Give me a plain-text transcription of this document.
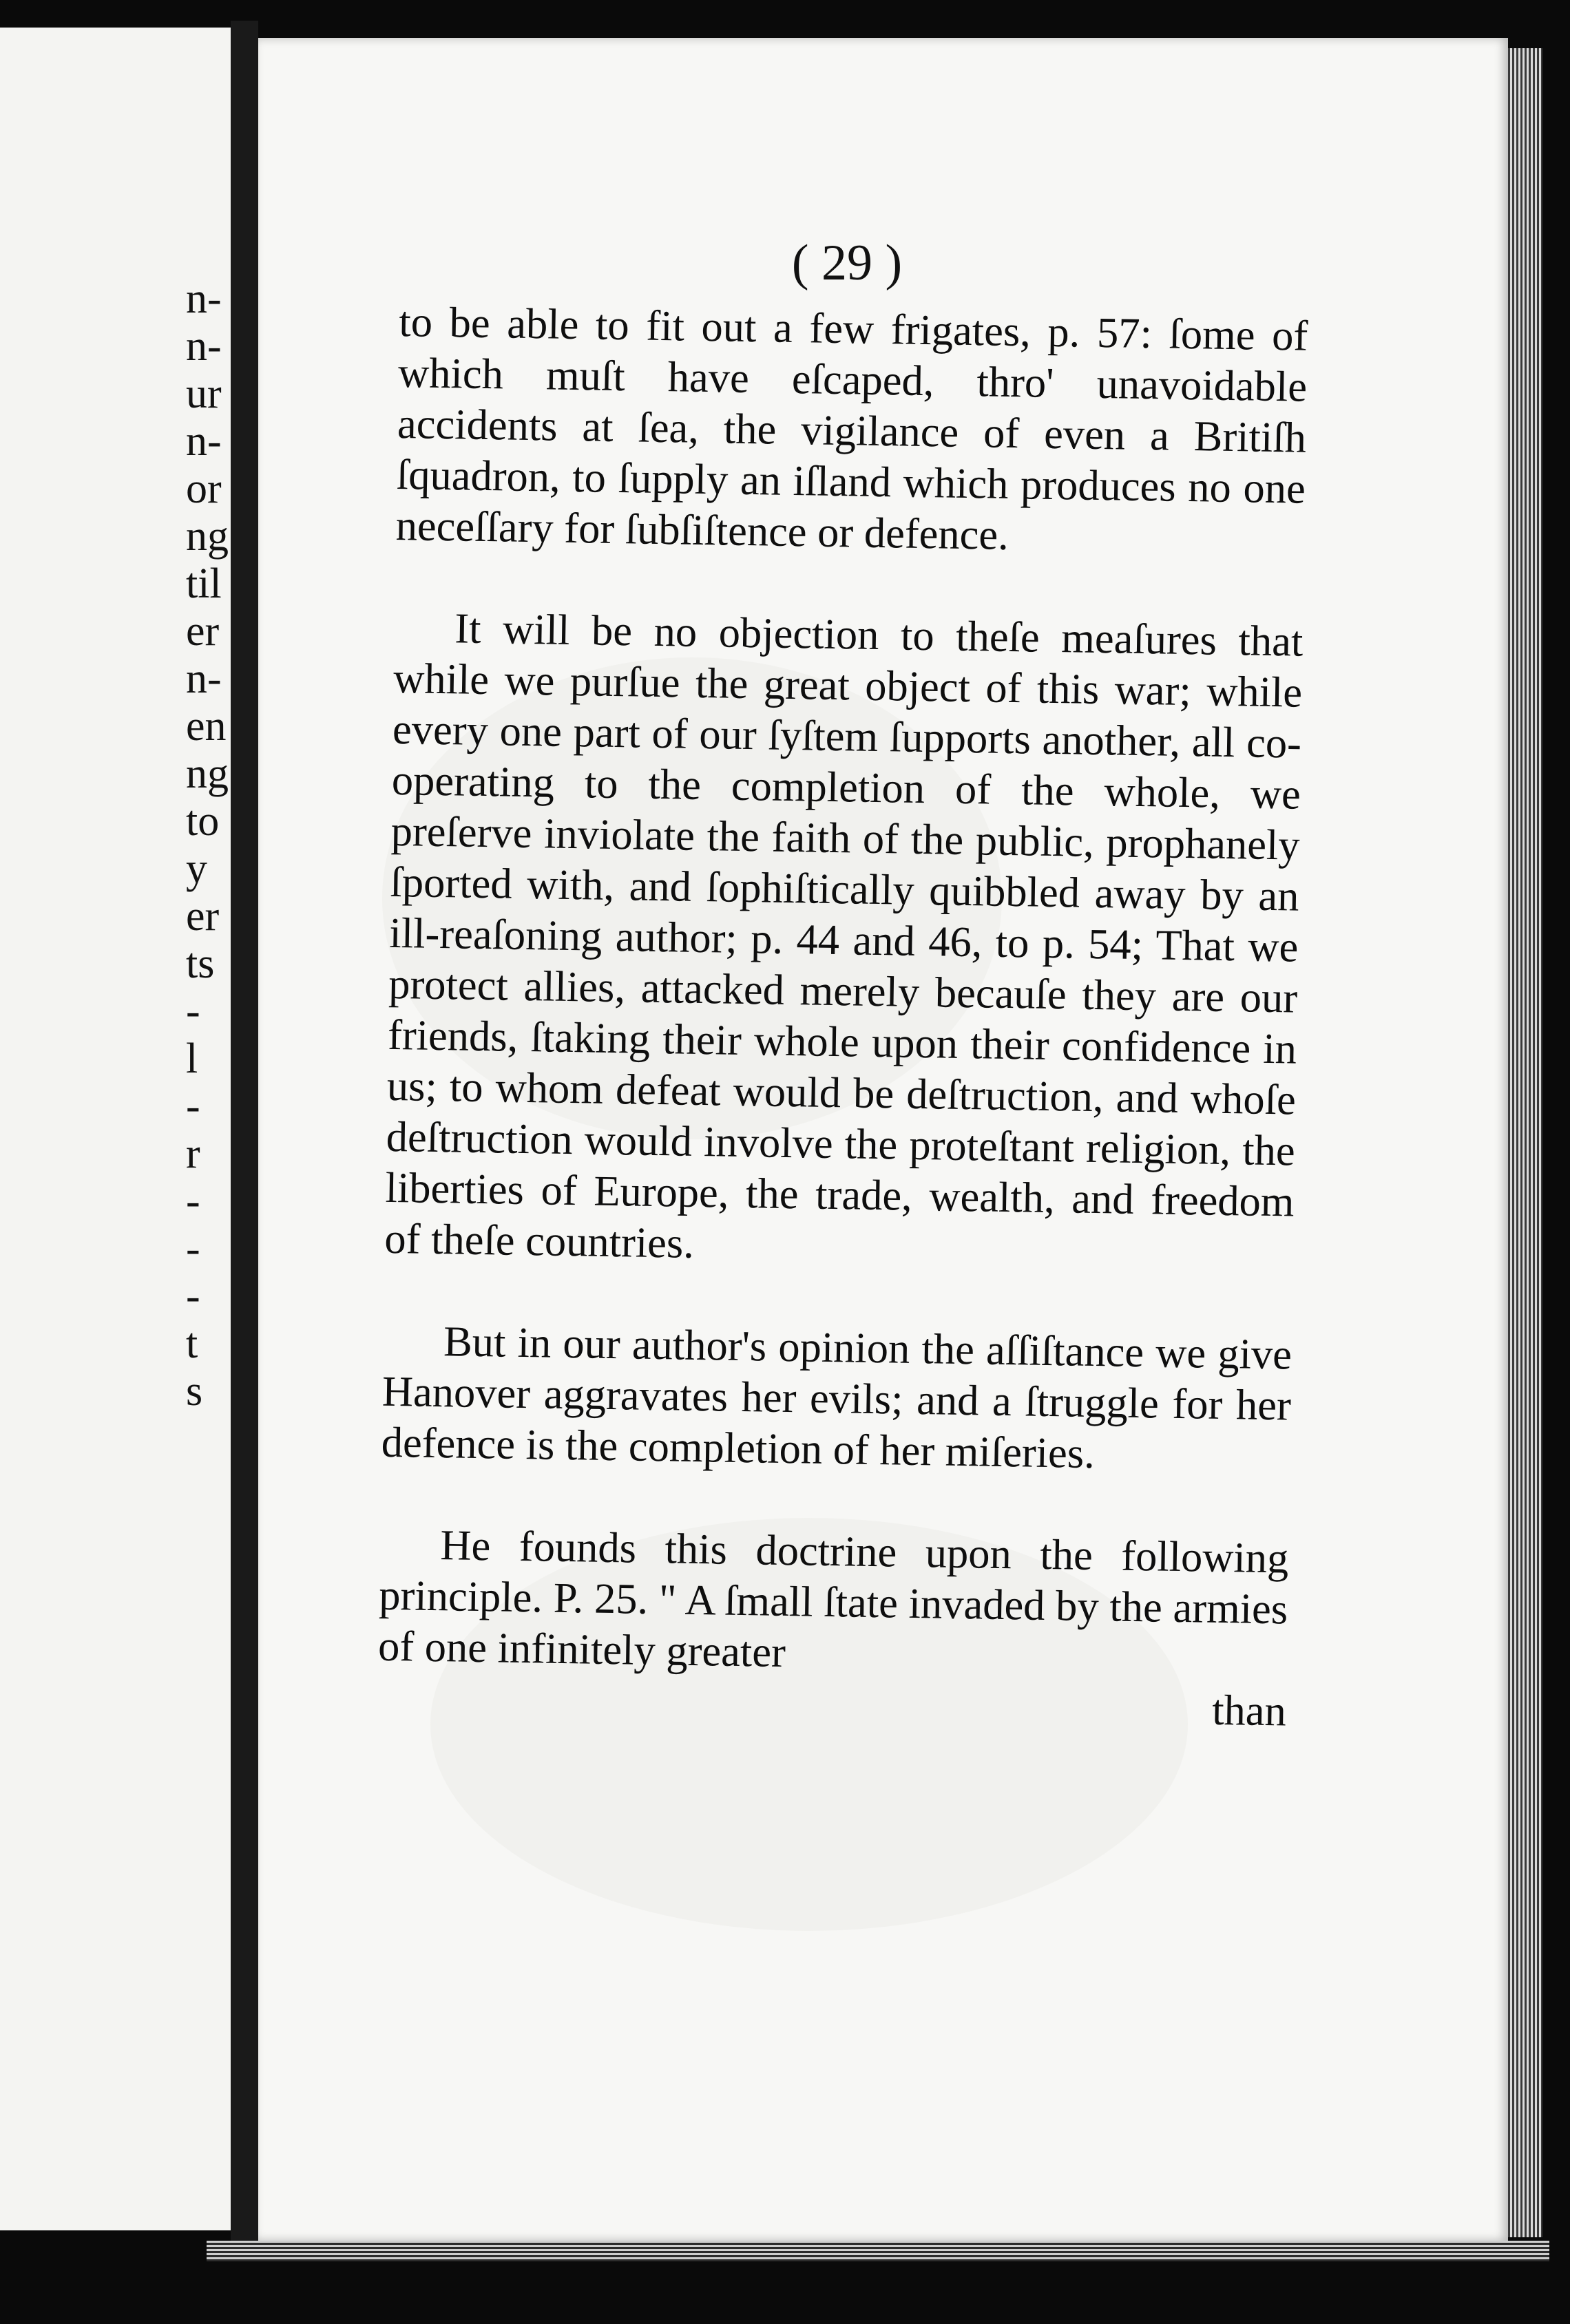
n-
n-
ur
n-
or
ng
til
er
n-
en
ng
to
y
er
ts
-
l
-
r
-
-
-
t
s
( 29 )

to be able to fit out a few frigates, p. 57: ſome of which muſt have eſcaped, thro' unavoidable accidents at ſea, the vigilance of even a Britiſh ſquadron, to ſupply an iſland which produces no one neceſſary for ſubſiſtence or defence.

It will be no objection to theſe meaſures that while we purſue the great object of this war; while every one part of our ſyſtem ſupports another, all co-operating to the completion of the whole, we preſerve inviolate the faith of the public, prophanely ſported with, and ſophiſtically quibbled away by an ill-reaſoning author; p. 44 and 46, to p. 54; That we protect allies, attacked merely becauſe they are our friends, ſtaking their whole upon their confidence in us; to whom defeat would be deſtruction, and whoſe deſtruction would involve the proteſtant religion, the liberties of Europe, the trade, wealth, and freedom of theſe countries.

But in our author's opinion the aſſiſtance we give Hanover aggravates her evils; and a ſtruggle for her defence is the completion of her miſeries.

He founds this doctrine upon the following principle. P. 25. " A ſmall ſtate invaded by the armies of one infinitely greater

than
